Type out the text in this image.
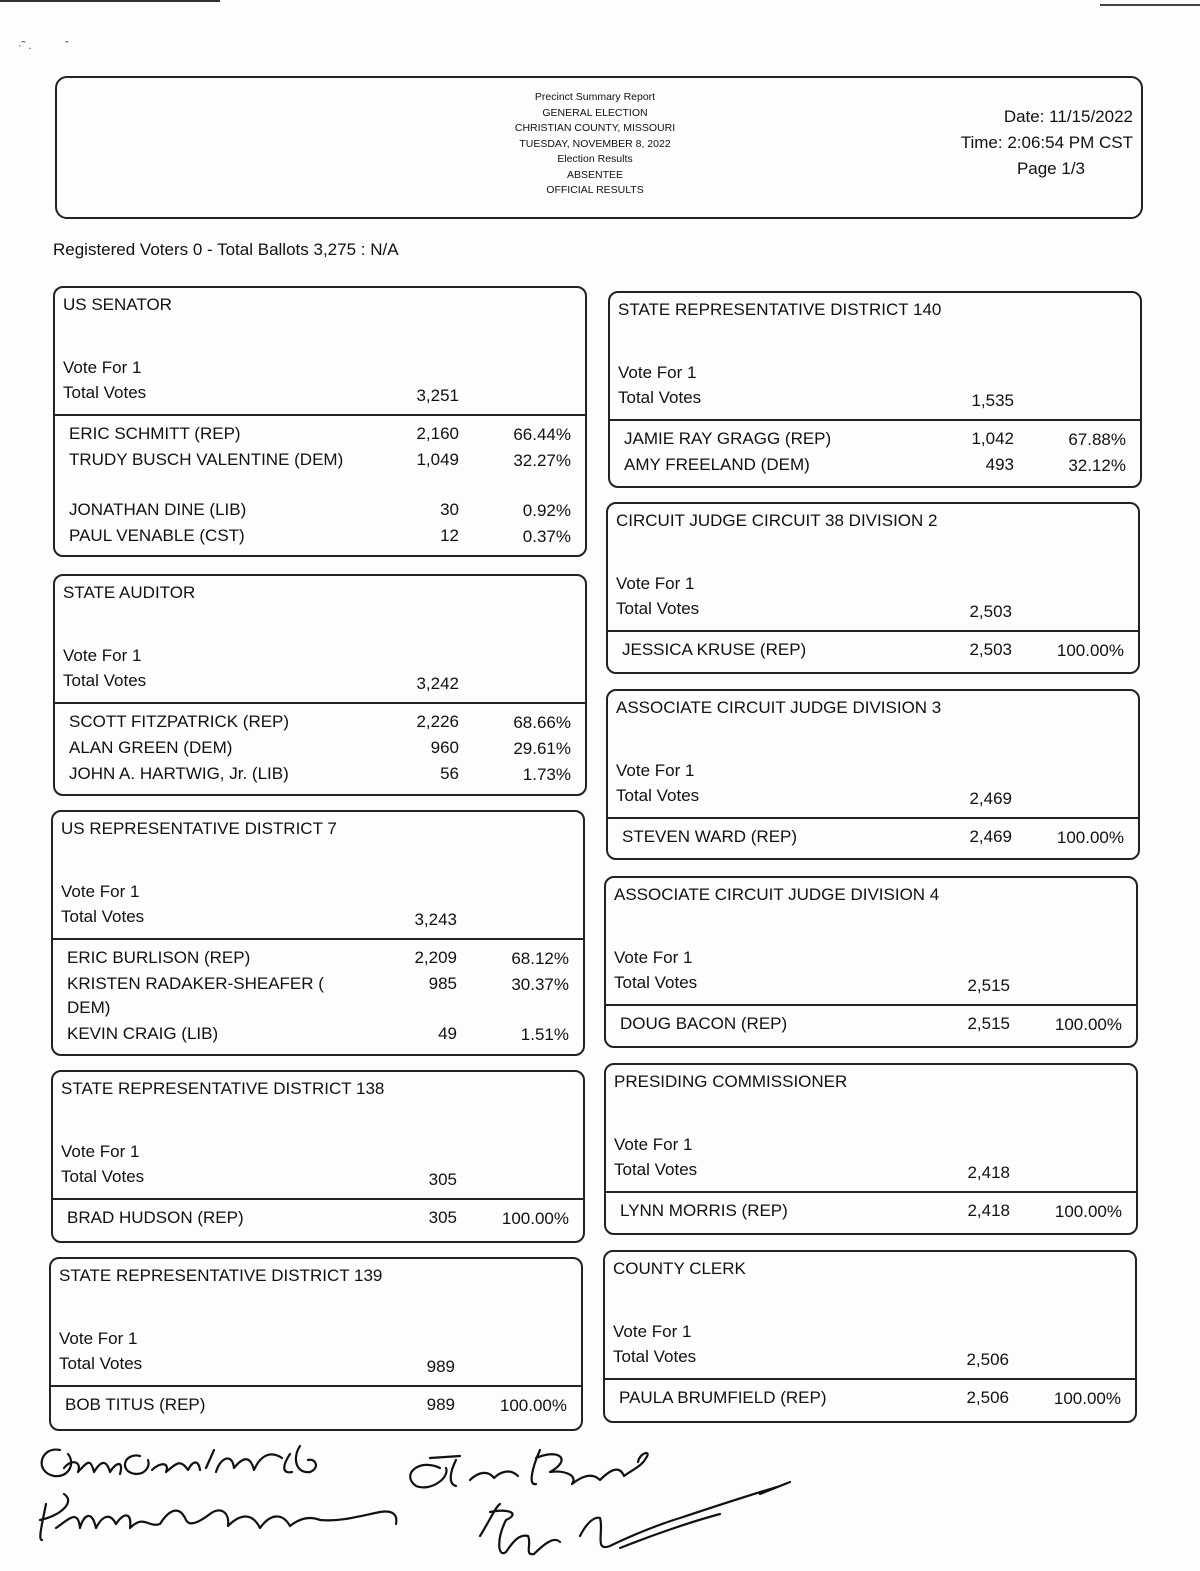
·˜ .           ˆ
Precinct Summary Report
GENERAL ELECTION
CHRISTIAN COUNTY, MISSOURI
TUESDAY, NOVEMBER 8, 2022
Election Results
ABSENTEE
OFFICIAL RESULTS
Date: 11/15/2022
Time: 2:06:54 PM CST
Page 1/3
Registered Voters 0 - Total Ballots 3,275 : N/A
US SENATOR
Vote For 1
Total Votes	3,251
ERIC SCHMITT (REP)	2,160	66.44%
TRUDY BUSCH VALENTINE (DEM)	1,049	32.27%
JONATHAN DINE (LIB)	30	0.92%
PAUL VENABLE (CST)	12	0.37%
STATE AUDITOR
Vote For 1
Total Votes	3,242
SCOTT FITZPATRICK (REP)	2,226	68.66%
ALAN GREEN (DEM)	960	29.61%
JOHN A. HARTWIG, Jr. (LIB)	56	1.73%
US REPRESENTATIVE DISTRICT 7
Vote For 1
Total Votes	3,243
ERIC BURLISON (REP)	2,209	68.12%
KRISTEN RADAKER-SHEAFER ( DEM)
985	30.37%
KEVIN CRAIG (LIB)	49	1.51%
STATE REPRESENTATIVE DISTRICT 138
Vote For 1
Total Votes	305
BRAD HUDSON (REP)	305	100.00%
STATE REPRESENTATIVE DISTRICT 139
Vote For 1
Total Votes	989
BOB TITUS (REP)	989	100.00%
STATE REPRESENTATIVE DISTRICT 140
Vote For 1
Total Votes	1,535
JAMIE RAY GRAGG (REP)	1,042	67.88%
AMY FREELAND (DEM)	493	32.12%
CIRCUIT JUDGE CIRCUIT 38 DIVISION 2
Vote For 1
Total Votes	2,503
JESSICA KRUSE (REP)	2,503	100.00%
ASSOCIATE CIRCUIT JUDGE DIVISION 3
Vote For 1
Total Votes	2,469
STEVEN WARD (REP)	2,469	100.00%
ASSOCIATE CIRCUIT JUDGE DIVISION 4
Vote For 1
Total Votes	2,515
DOUG BACON (REP)	2,515	100.00%
PRESIDING COMMISSIONER
Vote For 1
Total Votes	2,418
LYNN MORRIS (REP)	2,418	100.00%
COUNTY CLERK
Vote For 1
Total Votes	2,506
PAULA BRUMFIELD (REP)	2,506	100.00%
